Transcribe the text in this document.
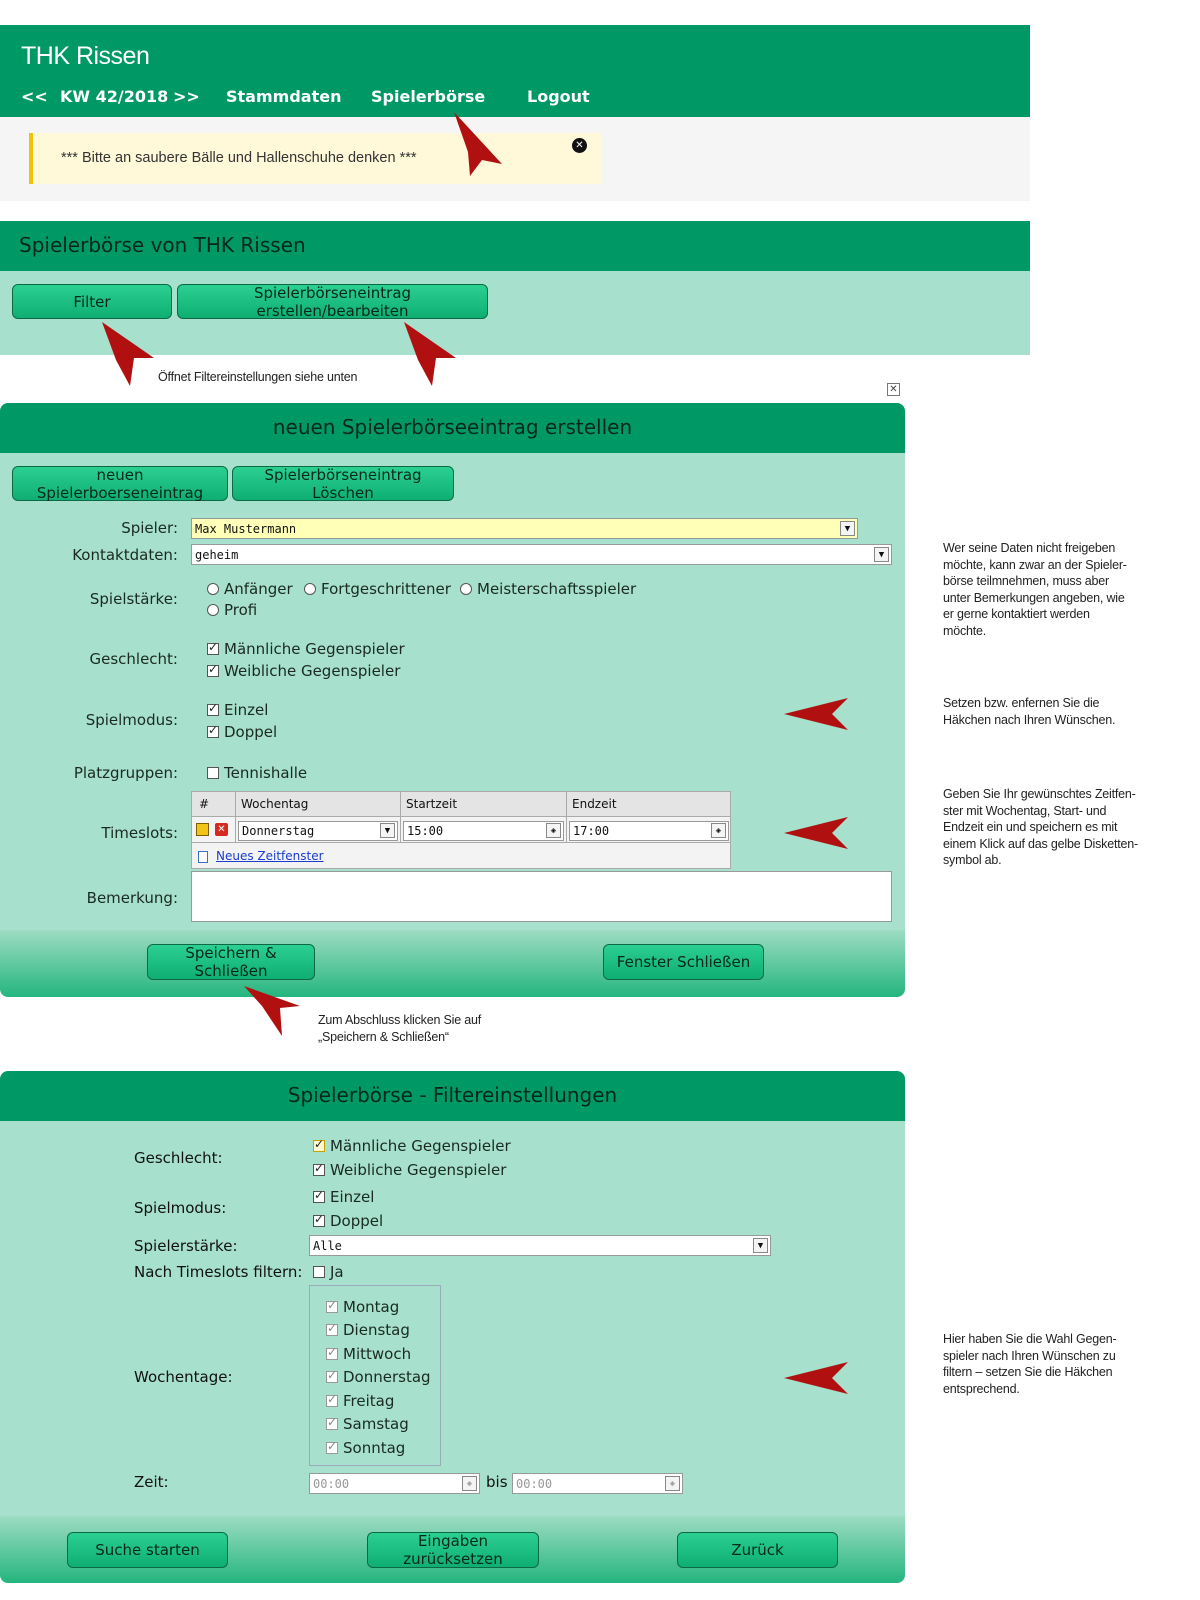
THK Rissen
<< KW 42/2018 >> Stammdaten Spielerbörse	Logout
*** Bitte an saubere Bälle und Hallenschuhe denken ***
✕
Spielerbörse von THK Rissen
Filter	Spielerbörseneintrag erstellen/bearbeiten
Öffnet Filtereinstellungen siehe unten
✕
neuen Spielerbörseeintrag erstellen
neuen Spielerboerseneintrag
Spielerbörseneintrag Löschen
Spieler: Max Mustermann	▼
Kontaktdaten: geheim	▼
Spielstärke:
Anfänger Fortgeschrittener Meisterschaftsspieler
Profi
Geschlecht:
✓
Männliche Gegenspieler
✓
Weibliche Gegenspieler
Spielmodus:
✓
Einzel
✓
Doppel
Platzgruppen:	Tennishalle
Timeslots:
#	Wochentag	Startzeit	Endzeit
✕ Donnerstag	▼	15:00	◈	17:00	◈
Neues Zeitfenster
Bemerkung:
Speichern & Schließen	Fenster Schließen
Zum Abschluss klicken Sie auf
„Speichern & Schließen“
Spielerbörse - Filtereinstellungen
Geschlecht:
✓
Männliche Gegenspieler
✓
Weibliche Gegenspieler
Spielmodus:
✓
Einzel
✓
Doppel
Spielerstärke:	Alle	▼
Nach Timeslots filtern: Ja
Wochentage:
✓
Montag
✓
Dienstag
✓
Mittwoch
✓
Donnerstag
✓
Freitag
✓
Samstag
✓
Sonntag
Zeit:	00:00	◈ bis 00:00	◈
Suche starten	Eingaben zurücksetzen	Zurück
Wer seine Daten nicht freigeben
möchte, kann zwar an der Spieler-
börse teilmnehmen, muss aber
unter Bemerkungen angeben, wie
er gerne kontaktiert werden
möchte.
Setzen bzw. enfernen Sie die
Häkchen nach Ihren Wünschen.
Geben Sie Ihr gewünschtes Zeitfen-
ster mit Wochentag, Start- und
Endzeit ein und speichern es mit
einem Klick auf das gelbe Disketten-
symbol ab.
Hier haben Sie die Wahl Gegen-
spieler nach Ihren Wünschen zu
filtern – setzen Sie die Häkchen
entsprechend.
